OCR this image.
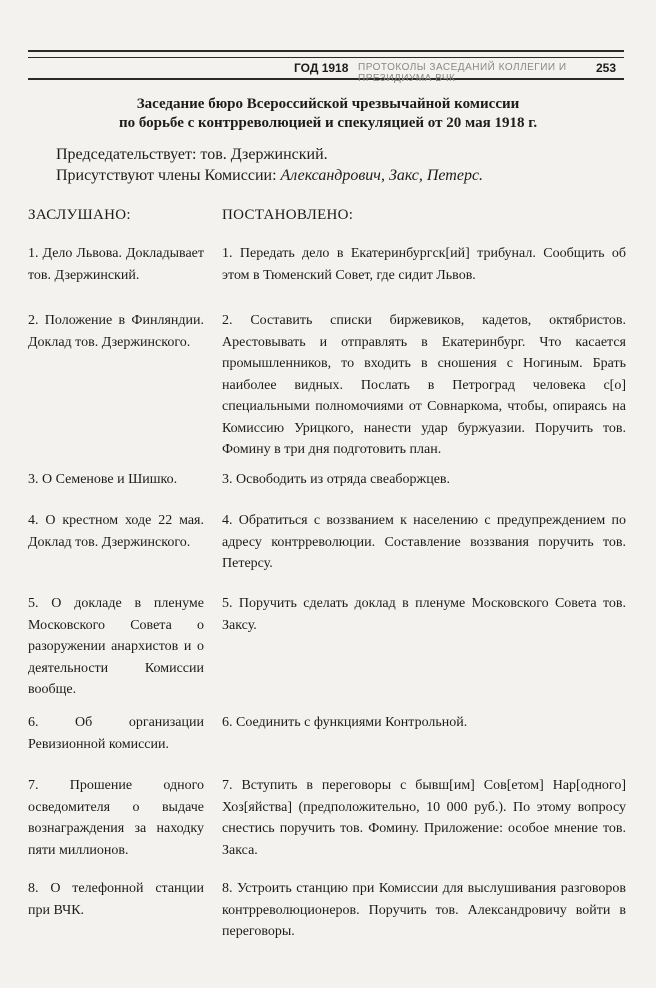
ГОД 1918 ПРОТОКОЛЫ ЗАСЕДАНИЙ КОЛЛЕГИИ И ПРЕЗИДИУМА ВЧК
253
Заседание бюро Всероссийской чрезвычайной комиссии
по борьбе с контрреволюцией и спекуляцией от 20 мая 1918 г.
Председательствует: тов. Дзержинский.
Присутствуют члены Комиссии: Александрович, Закс, Петерс.
ЗАСЛУШАНО:	ПОСТАНОВЛЕНО:
1. Дело Львова. Докладывает тов. Дзержинский.
1. Передать дело в Екатеринбургск[ий] трибунал. Сообщить об этом в Тюменский Совет, где сидит Львов.
2. Положение в Финляндии. Доклад тов. Дзержинского.
2. Составить списки биржевиков, кадетов, октябристов. Арестовывать и отправлять в Екатеринбург. Что касается промышленников, то входить в сношения с Ногиным. Брать наиболее видных. Послать в Петроград человека с[о] специальными полномочиями от Совнаркома, чтобы, опираясь на Комиссию Урицкого, нанести удар буржуазии. Поручить тов. Фомину в три дня подготовить план.
3. О Семенове и Шишко.	3. Освободить из отряда свеаборжцев.
4. О крестном ходе 22 мая. Доклад тов. Дзержинского.
4. Обратиться с воззванием к населению с предупреждением по адресу контрреволюции. Составление воззвания поручить тов. Петерсу.
5. О докладе в пленуме Московского Совета о разоружении анархистов и о деятельности Комиссии вообще.
5. Поручить сделать доклад в пленуме Московского Совета тов. Заксу.
6. Об организации Ревизионной комиссии.
6. Соединить с функциями Контрольной.
7. Прошение одного осведомителя о выдаче вознаграждения за находку пяти миллионов.
7. Вступить в переговоры с бывш[им] Сов[етом] Нар[одного] Хоз[яйства] (предположительно, 10 000 руб.). По этому вопросу снестись поручить тов. Фомину. Приложение: особое мнение тов. Закса.
8. О телефонной станции при ВЧК.
8. Устроить станцию при Комиссии для выслушивания разговоров контрреволюционеров. Поручить тов. Александровичу войти в переговоры.
